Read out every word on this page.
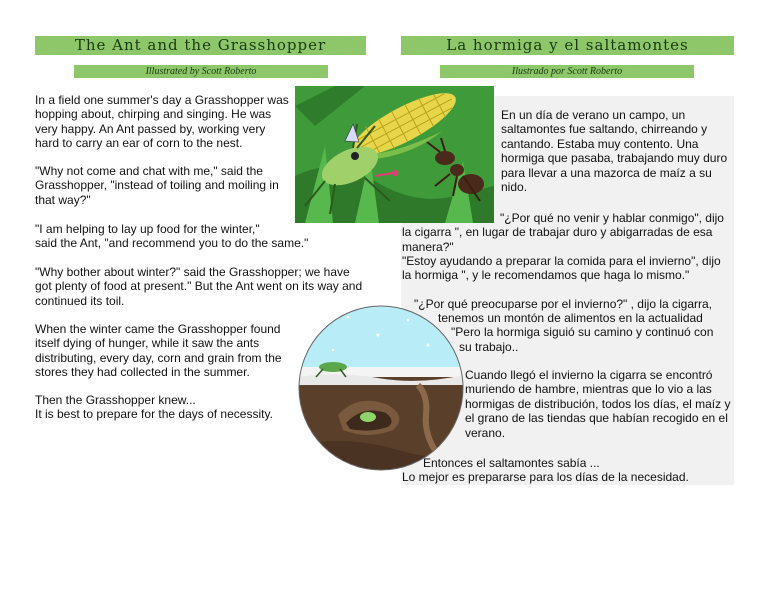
The Ant and the Grasshopper	La hormiga y el saltamontes
Illustrated by Scott Roberto	Ilustrado por Scott Roberto

In a field one summer's day a Grasshopper was hopping about, chirping and singing. He was very happy. An Ant passed by, working very hard to carry an ear of corn to the nest.

"Why not come and chat with me," said the Grasshopper, "instead of toiling and moiling in that way?"

"I am helping to lay up food for the winter,"

said the Ant, "and recommend you to do the same."

"Why bother about winter?" said the Grasshopper; we have got plenty of food at present." But the Ant went on its way and continued its toil.

When the winter came the Grasshopper found itself dying of hunger, while it saw the ants distributing, every day, corn and grain from the stores they had collected in the summer.

Then the Grasshopper knew...

It is best to prepare for the days of necessity.

En un día de verano un campo, un saltamontes fue saltando, chirreando y cantando. Estaba muy contento. Una hormiga que pasaba, trabajando muy duro para llevar a una mazorca de maíz a su nido.

"¿Por qué no venir y hablar conmigo", dijo la cigarra ", en lugar de trabajar duro y abigarradas de esa manera?"

"Estoy ayudando a preparar la comida para el invierno", dijo la hormiga ", y le recomendamos que haga lo mismo."

"¿Por qué preocuparse por el invierno?" , dijo la cigarra,

tenemos un montón de alimentos en la actualidad

"Pero la hormiga siguió su camino y continuó con

su trabajo..

Cuando llegó el invierno la cigarra se encontró muriendo de hambre, mientras que lo vio a las hormigas de distribución, todos los días, el maíz y el grano de las tiendas que habían recogido en el verano.

Entonces el saltamontes sabía ...

Lo mejor es prepararse para los días de la necesidad.
